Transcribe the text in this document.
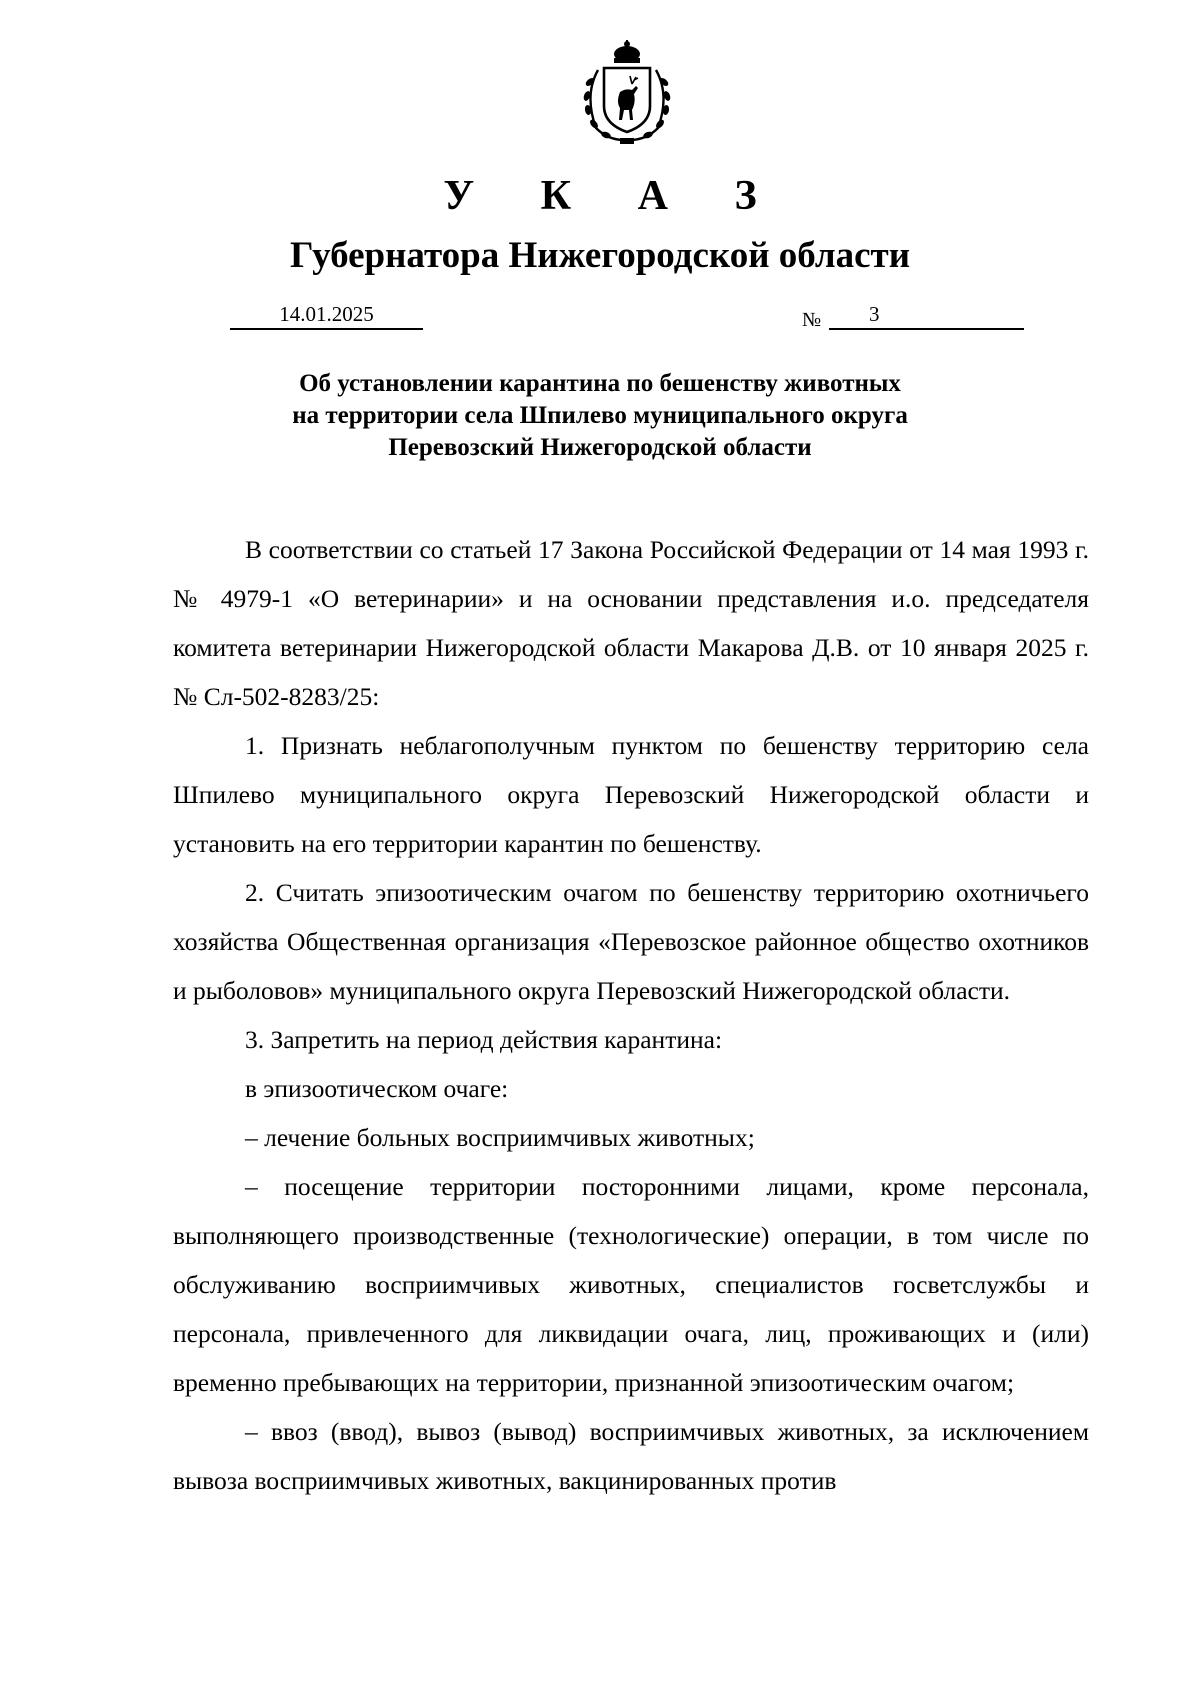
У К А З
Губернатора Нижегородской области
14.01.2025	№	3
Об установлении карантина по бешенству животных
на территории села Шпилево муниципального округа
Перевозский Нижегородской области

В соответствии со статьей 17 Закона Российской Федерации от 14 мая 1993 г. № 4979-1 «О ветеринарии» и на основании представления и.о. председателя комитета ветеринарии Нижегородской области Макарова Д.В. от 10 января 2025 г. № Сл-502-8283/25:

1. Признать неблагополучным пунктом по бешенству территорию села Шпилево муниципального округа Перевозский Нижегородской области и установить на его территории карантин по бешенству.

2. Считать эпизоотическим очагом по бешенству территорию охотничьего хозяйства Общественная организация «Перевозское районное общество охотников и рыболовов» муниципального округа Перевозский Нижегородской области.

3. Запретить на период действия карантина:

в эпизоотическом очаге:

– лечение больных восприимчивых животных;

– посещение территории посторонними лицами, кроме персонала, выполняющего производственные (технологические) операции, в том числе по обслуживанию восприимчивых животных, специалистов госветслужбы и персонала, привлеченного для ликвидации очага, лиц, проживающих и (или) временно пребывающих на территории, признанной эпизоотическим очагом;

– ввоз (ввод), вывоз (вывод) восприимчивых животных, за исключением вывоза восприимчивых животных, вакцинированных против
